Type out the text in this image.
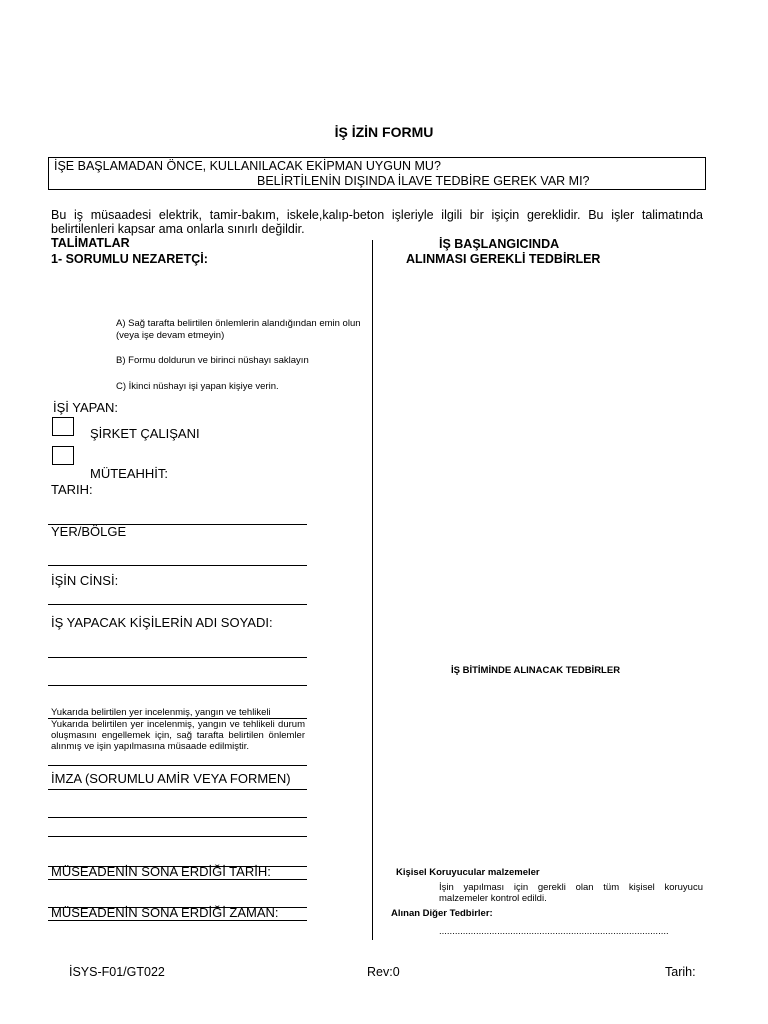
İŞ İZİN FORMU
İŞE BAŞLAMADAN ÖNCE, KULLANILACAK EKİPMAN UYGUN MU?
BELİRTİLENİN DIŞINDA İLAVE TEDBİRE GEREK VAR MI?
Bu iş müsaadesi elektrik, tamir-bakım, iskele,kalıp-beton işleriyle ilgili bir işiçin gereklidir. Bu işler talimatında belirtilenleri kapsar ama onlarla sınırlı değildir.
TALİMATLAR
1- SORUMLU NEZARETÇİ:
İŞ BAŞLANGICINDA
ALINMASI GEREKLİ TEDBİRLER
A) Sağ tarafta belirtilen önlemlerin alandığından emin olun (veya işe devam etmeyin)
B) Formu doldurun ve birinci nüshayı saklayın
C) İkinci nüshayı işi yapan kişiye verin.
İŞİ YAPAN:
ŞİRKET ÇALIŞANI
MÜTEAHHİT:
TARIH:
YER/BÖLGE
İŞİN CİNSİ:
İŞ YAPACAK KİŞİLERİN ADI SOYADI:
Yukarıda belirtilen yer incelenmiş, yangın ve tehlikeli
Yukarıda belirtilen yer incelenmiş, yangın ve tehlikeli durum oluşmasını engellemek için, sağ tarafta belirtilen önlemler alınmış ve işin yapılmasına müsaade edilmiştir.
İMZA (SORUMLU AMİR VEYA FORMEN)
MÜSEADENİN SONA ERDİĞİ TARİH:
MÜSEADENİN SONA ERDİĞİ ZAMAN:
İŞ BİTİMİNDE ALINACAK TEDBİRLER
Kişisel Koruyucular malzemeler
İşin yapılması için gerekli olan tüm kişisel koruyucu malzemeler kontrol edildi.
Alınan Diğer Tedbirler:
.......................................................................................
İSYS-F01/GT022	Rev:0	Tarih:
